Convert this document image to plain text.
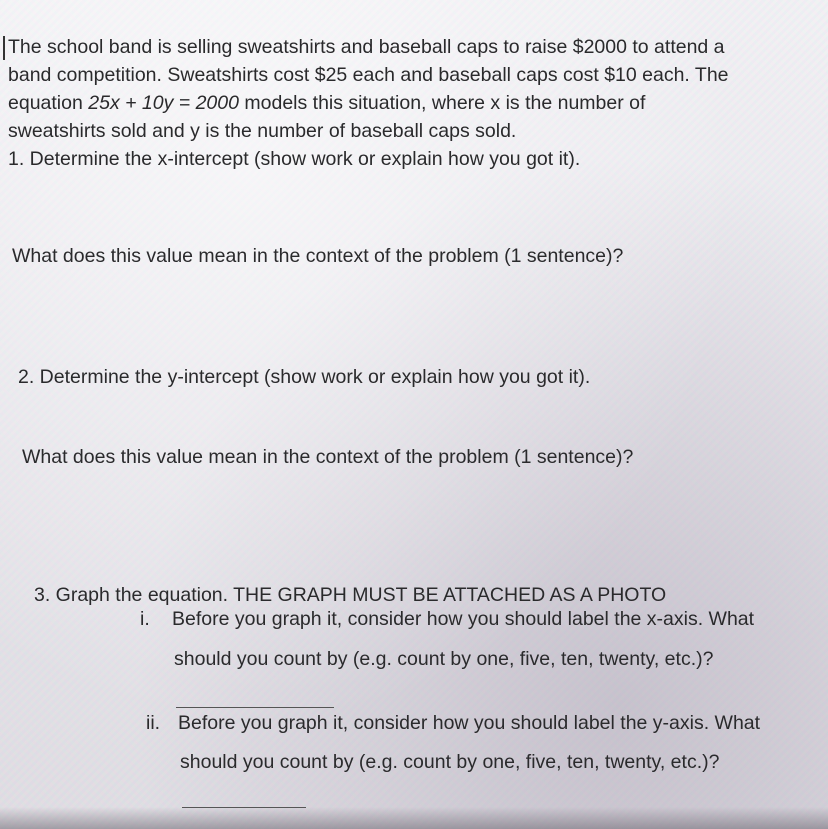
The school band is selling sweatshirts and baseball caps to raise $2000 to attend a
band competition. Sweatshirts cost $25 each and baseball caps cost $10 each. The
equation 25x + 10y = 2000 models this situation, where x is the number of
sweatshirts sold and y is the number of baseball caps sold.
1. Determine the x-intercept (show work or explain how you got it).
What does this value mean in the context of the problem (1 sentence)?
2. Determine the y-intercept (show work or explain how you got it).
What does this value mean in the context of the problem (1 sentence)?
3. Graph the equation. THE GRAPH MUST BE ATTACHED AS A PHOTO
i. Before you graph it, consider how you should label the x-axis. What
should you count by (e.g. count by one, five, ten, twenty, etc.)?
ii. Before you graph it, consider how you should label the y-axis. What
should you count by (e.g. count by one, five, ten, twenty, etc.)?
